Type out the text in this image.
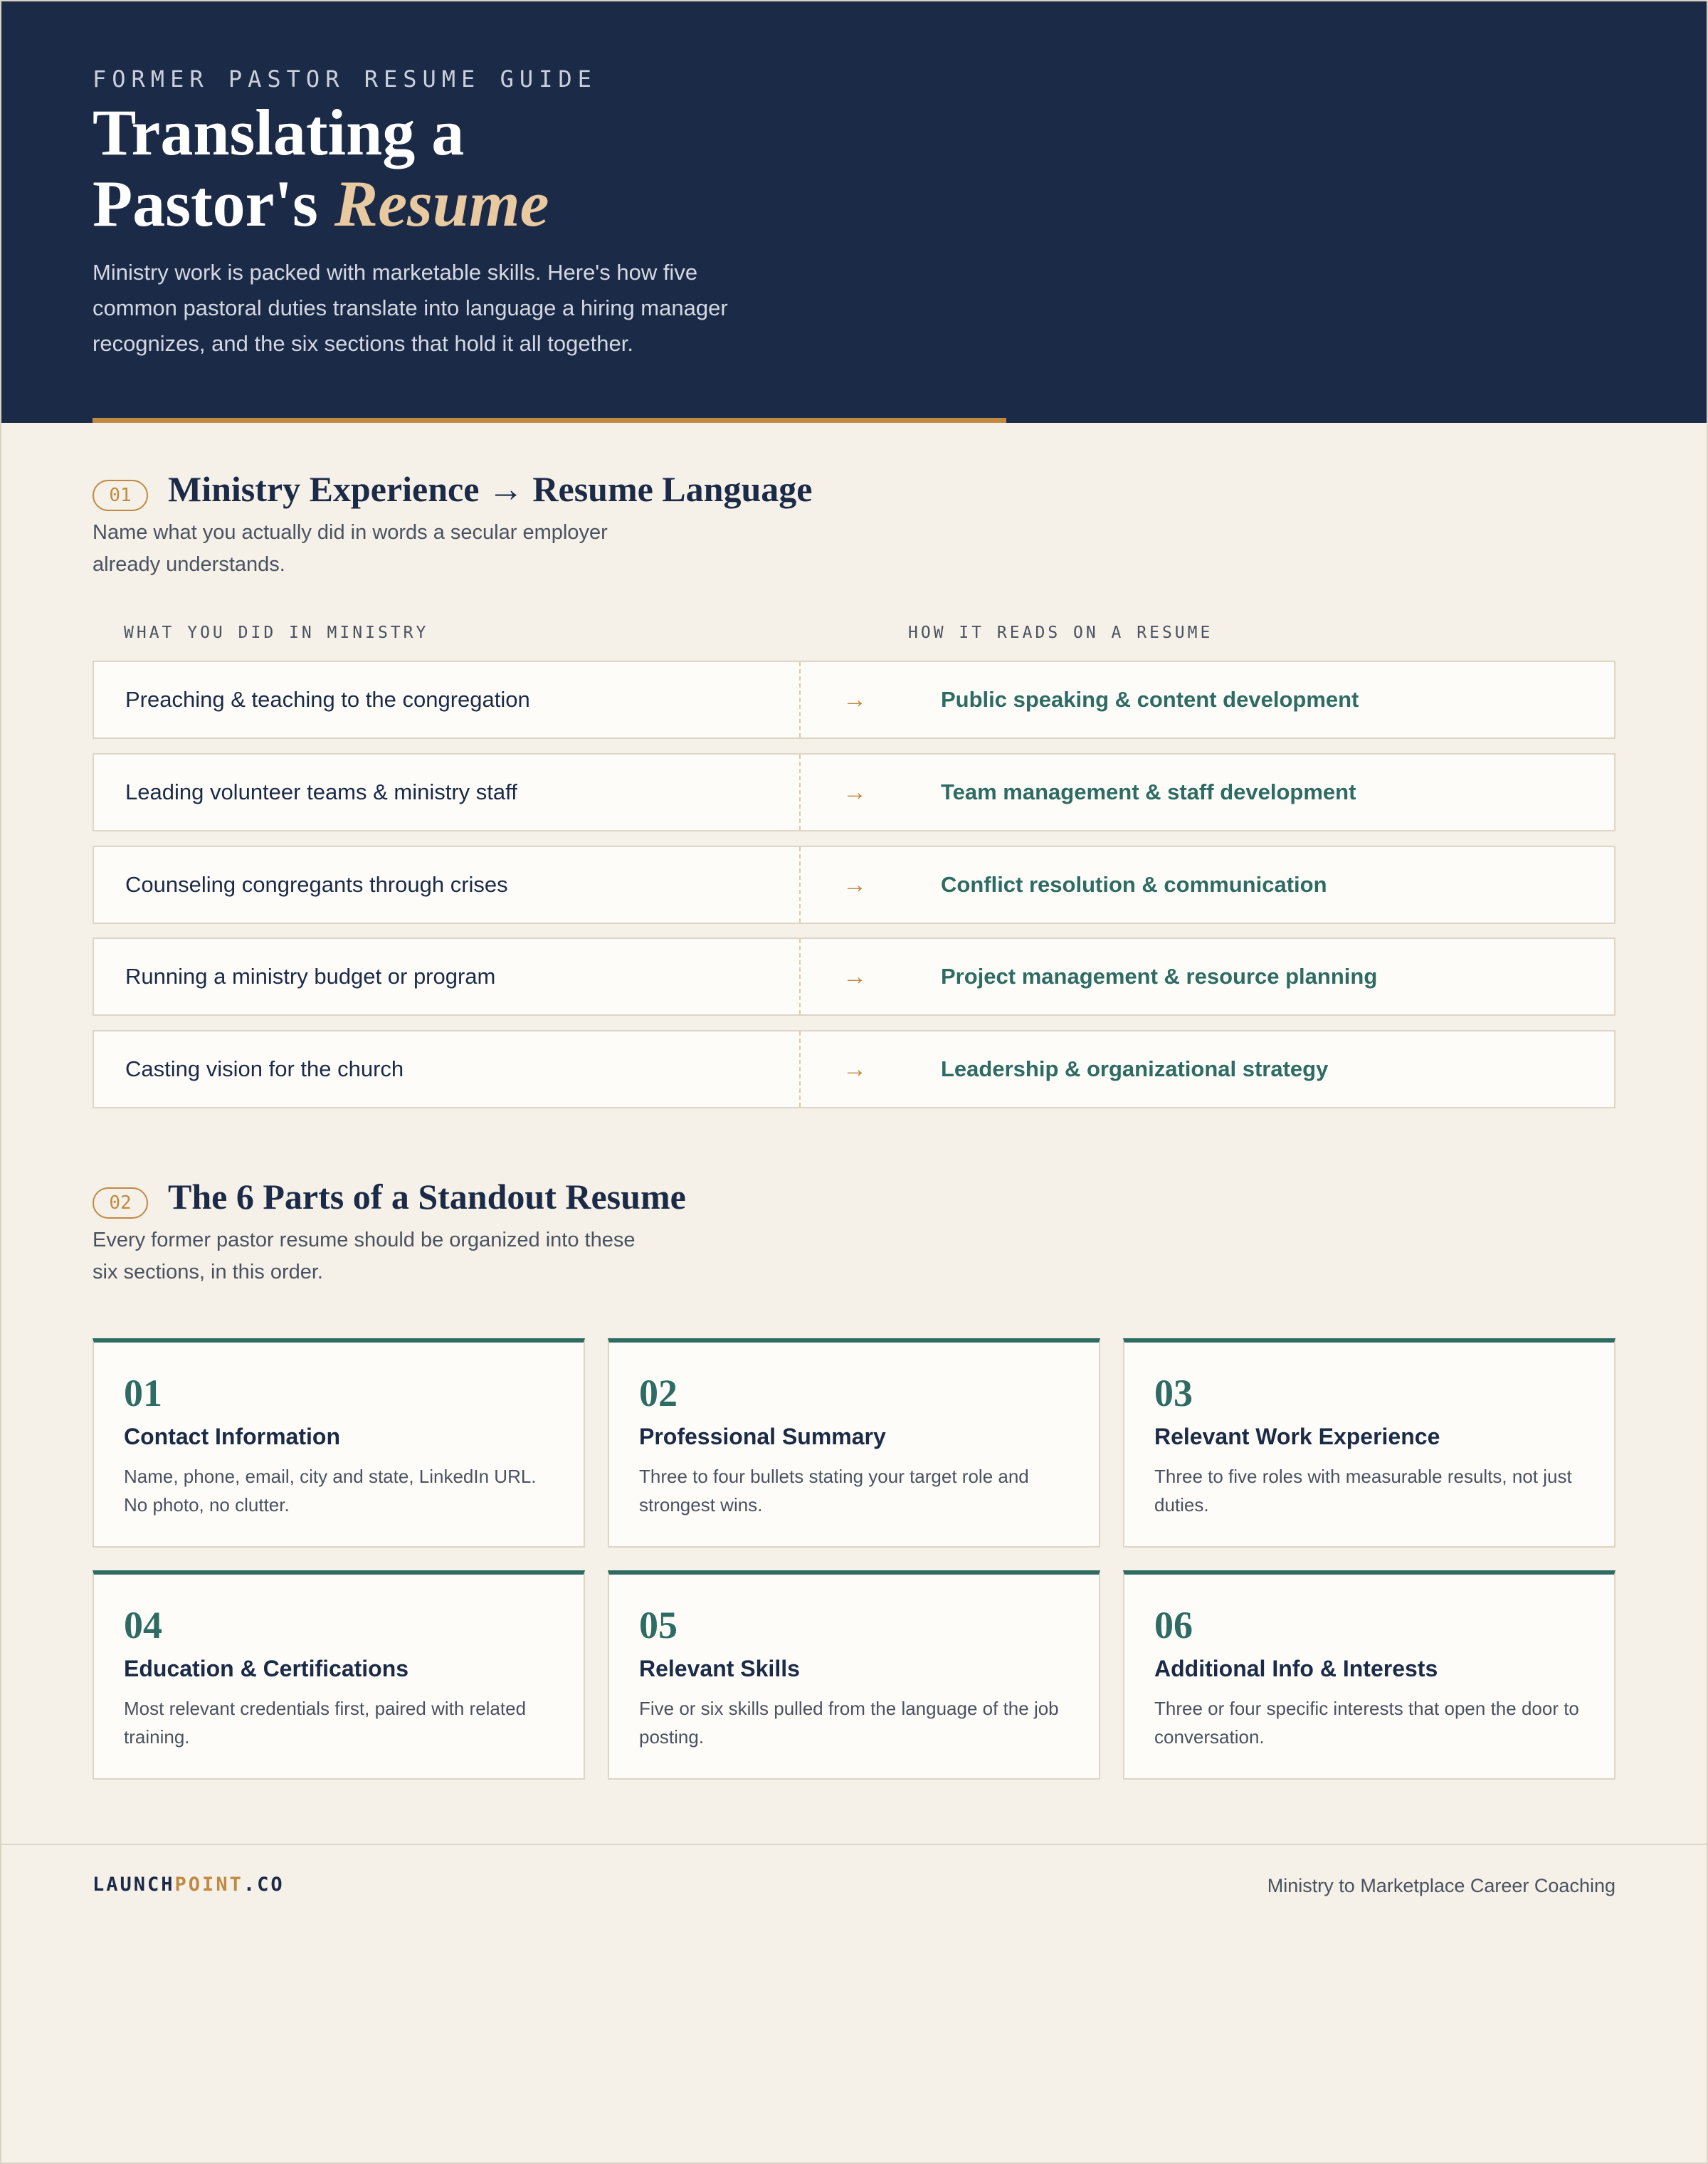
FORMER PASTOR RESUME GUIDE
Translating a
Pastor's Resume

Ministry work is packed with marketable skills. Here's how five common pastoral duties translate into language a hiring manager recognizes, and the six sections that hold it all together.

01	Ministry Experience → Resume Language

Name what you actually did in words a secular employer already understands.

WHAT YOU DID IN MINISTRY	HOW IT READS ON A RESUME
Preaching & teaching to the congregation	→	Public speaking & content development
Leading volunteer teams & ministry staff	→	Team management & staff development
Counseling congregants through crises	→	Conflict resolution & communication
Running a ministry budget or program	→	Project management & resource planning
Casting vision for the church	→	Leadership & organizational strategy
02	The 6 Parts of a Standout Resume

Every former pastor resume should be organized into these six sections, in this order.

01
Contact Information
Name, phone, email, city and state, LinkedIn URL. No photo, no clutter.
02
Professional Summary
Three to four bullets stating your target role and strongest wins.
03
Relevant Work Experience
Three to five roles with measurable results, not just duties.
04
Education & Certifications
Most relevant credentials first, paired with related training.
05
Relevant Skills
Five or six skills pulled from the language of the job posting.
06
Additional Info & Interests
Three or four specific interests that open the door to conversation.
LAUNCHPOINT.CO	Ministry to Marketplace Career Coaching
